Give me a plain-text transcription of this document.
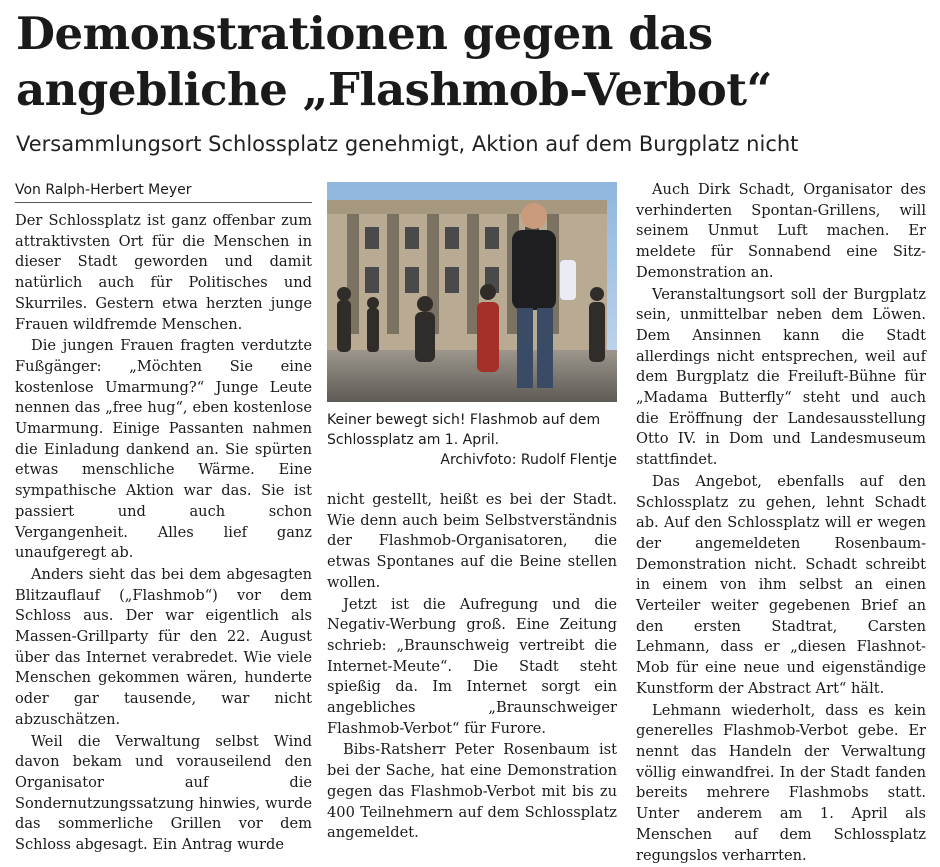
Demonstrationen gegen das
angebliche „Flashmob-Verbot“

Versammlungsort Schlossplatz genehmigt, Aktion auf dem Burgplatz nicht

Von Ralph-Herbert Meyer

Der Schlossplatz ist ganz offenbar zum attraktivsten Ort für die Menschen in dieser Stadt geworden und damit natürlich auch für Politisches und Skurriles. Gestern etwa herzten junge Frauen wildfremde Menschen.

Die jungen Frauen fragten verdutzte Fußgänger: „Möchten Sie eine kostenlose Umarmung?“ Junge Leute nennen das „free hug“, eben kostenlose Umarmung. Einige Passanten nahmen die Einladung dankend an. Sie spürten etwas menschliche Wärme. Eine sympathische Aktion war das. Sie ist passiert und auch schon Vergangenheit. Alles lief ganz unaufgeregt ab.

Anders sieht das bei dem abgesagten Blitzauflauf („Flashmob“) vor dem Schloss aus. Der war eigentlich als Massen-Grillparty für den 22. August über das Internet verabredet. Wie viele Menschen gekommen wären, hunderte oder gar tausende, war nicht abzuschätzen.

Weil die Verwaltung selbst Wind davon bekam und vorauseilend den Organisator auf die Sondernutzungssatzung hinwies, wurde das sommerliche Grillen vor dem Schloss abgesagt. Ein Antrag wurde

Keiner bewegt sich! Flashmob auf dem Schlossplatz am 1. April.
Archivfoto: Rudolf Flentje

nicht gestellt, heißt es bei der Stadt. Wie denn auch beim Selbstverständnis der Flashmob-Organisatoren, die etwas Spontanes auf die Beine stellen wollen.

Jetzt ist die Aufregung und die Negativ-Werbung groß. Eine Zeitung schrieb: „Braunschweig vertreibt die Internet-Meute“. Die Stadt steht spießig da. Im Internet sorgt ein angebliches „Braunschweiger Flashmob-Verbot“ für Furore.

Bibs-Ratsherr Peter Rosenbaum ist bei der Sache, hat eine Demonstration gegen das Flashmob-Verbot mit bis zu 400 Teilnehmern auf dem Schlossplatz angemeldet.

Auch Dirk Schadt, Organisator des verhinderten Spontan-Grillens, will seinem Unmut Luft machen. Er meldete für Sonnabend eine Sitz-Demonstration an.

Veranstaltungsort soll der Burgplatz sein, unmittelbar neben dem Löwen. Dem Ansinnen kann die Stadt allerdings nicht entsprechen, weil auf dem Burgplatz die Freiluft-Bühne für „Madama Butterfly“ steht und auch die Eröffnung der Landesausstellung Otto IV. in Dom und Landesmuseum stattfindet.

Das Angebot, ebenfalls auf den Schlossplatz zu gehen, lehnt Schadt ab. Auf den Schlossplatz will er wegen der angemeldeten Rosenbaum-Demonstration nicht. Schadt schreibt in einem von ihm selbst an einen Verteiler weiter gegebenen Brief an den ersten Stadtrat, Carsten Lehmann, dass er „diesen Flashnot-Mob für eine neue und eigenständige Kunstform der Abstract Art“ hält.

Lehmann wiederholt, dass es kein generelles Flashmob-Verbot gebe. Er nennt das Handeln der Verwaltung völlig einwandfrei. In der Stadt fanden bereits mehrere Flashmobs statt. Unter anderem am 1. April als Menschen auf dem Schlossplatz regungslos verharrten.
